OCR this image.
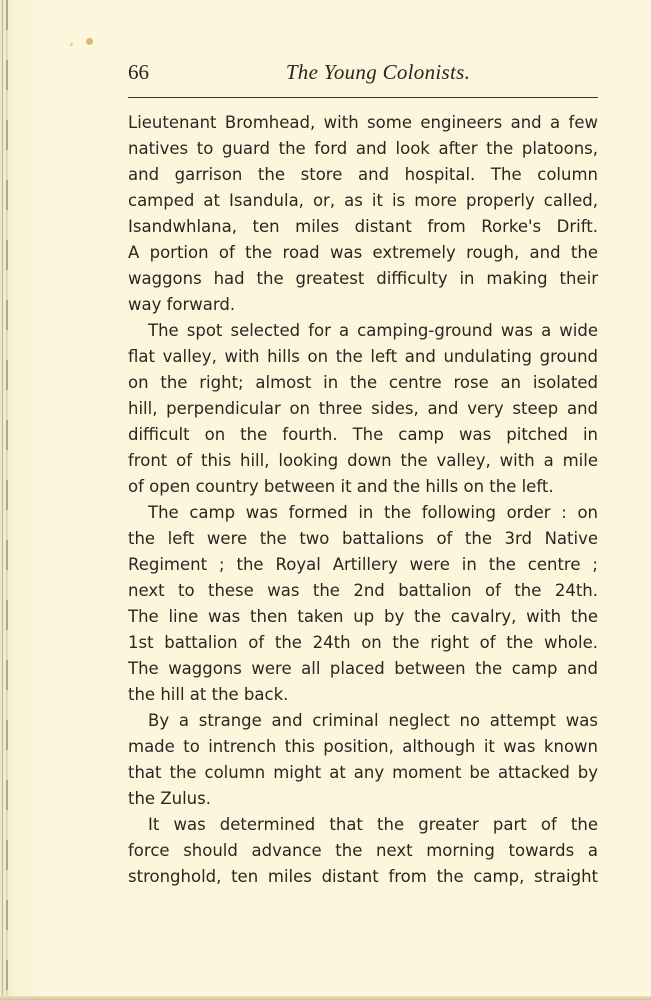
66	The Young Colonists.

Lieutenant Bromhead, with some engineers and a few
natives to guard the ford and look after the platoons,
and garrison the store and hospital. The column
camped at Isandula, or, as it is more properly called,
Isandwhlana, ten miles distant from Rorke's Drift.
A portion of the road was extremely rough, and the
waggons had the greatest difficulty in making their
way forward.

The spot selected for a camping-ground was a wide
flat valley, with hills on the left and undulating ground
on the right; almost in the centre rose an isolated
hill, perpendicular on three sides, and very steep and
difficult on the fourth. The camp was pitched in
front of this hill, looking down the valley, with a mile
of open country between it and the hills on the left.

The camp was formed in the following order : on
the left were the two battalions of the 3rd Native
Regiment ; the Royal Artillery were in the centre ;
next to these was the 2nd battalion of the 24th.
The line was then taken up by the cavalry, with the
1st battalion of the 24th on the right of the whole.
The waggons were all placed between the camp and
the hill at the back.

By a strange and criminal neglect no attempt was
made to intrench this position, although it was known
that the column might at any moment be attacked by
the Zulus.

It was determined that the greater part of the
force should advance the next morning towards a
stronghold, ten miles distant from the camp, straight
